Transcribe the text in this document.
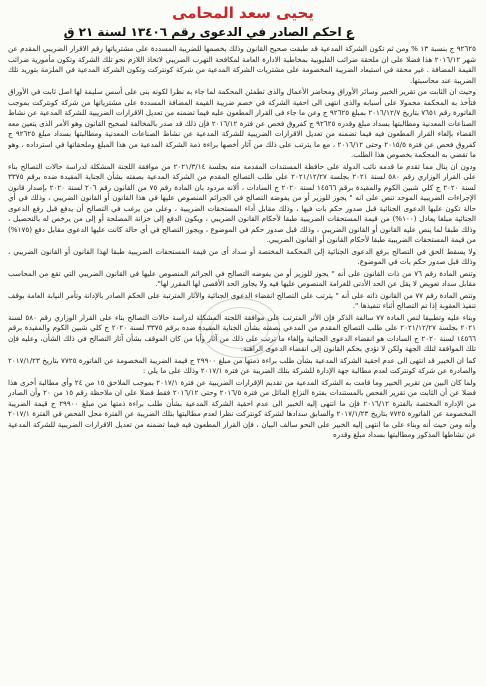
يحيى سعد المحامى
ع احكم الصادر في الدعوى رقم ١٣٤٠٦ لسنة ٢١ ق

٩٢٦٢٥ ج بنسبة ١٣ % ومن ثم تكون الشركة المدعية قد طبقت صحيح القانون وذلك بخصمها للضريبة المسددة على مشترياتها رقم الاقرار الضريبي المقدم عن شهر ٢٠١٦/١٢ هذا فضلا على ان ملحقة ضرائب القليوبية بمخاطبة الادارة العامة لمكافحة التهرب الضريبي لاتخاذ اللازم نحو تلك الشركة وتكون مأمورية ضرائب القيمة المضافة . غير محقة في استبعاد الضريبة المخصومة على مشتريات الشركة المدعية من شركة كونتركت وتكون الشركة المدعية في الملزمة بتوريد تلك الضريبة عند محاسبتها.

وحيث ان الثابت من تقرير الخبير وسائر الأوراق ومحاضر الأعمال والذى تطمئن المحكمة لما جاء به نظرا لكونه بنى على أسس سليمة لها اصل ثابت في الأوراق فتأخذ به المحكمة محمولا على أسبابه والذى انتهى الى احقية الشركة في خصم ضريبة القيمة المضافة المسددة على مشترياتها من شركة كونتركت بموجب الفاتورة رقم ٧٦٥١ بتاريخ ٢٠١٦/١٢/٧ بمبلغ ٩٢٦٢٥ ج وعن ما جاء فى القرار المطعون عليه فيما تضمنه من تعديل الاقرارات الضريبية للشركة المدعية عن نشاط الصناعات المعدنية ومطالبتها بسداد مبلغ وقدره ٩٢٦٢٥ ج كفروق فحص عن فترة ٢٠١٦/١٢ فإن ذلك قد صدر بالمخالفة لصحيح القانون وهو الأمر الذى يتعين معه القضاء بإلغاء القرار المطعون فيه فيما تضمنه من تعديل الاقرارات الضريبية للشركة المدعية عن نشاط الصناعات المعدنية ومطالبتها بسداد مبلغ ٩٢٦٢٥ ج كفروق فحص عن فترة ٢٠١٥/٥ وحتى ٢٠١٦/١٢ ، مع ما يترتب على ذلك من آثار أخصها براءة ذمة الشركة المدعية من هذا المبلغ وملحقاتها في استرداده ، وهو ما تقضي به المحكمة بخصوص هذا الطلب.

ودون ان ينال مما تقدم ما قدمه نائب الدولة على حافظة المستندات المقدمة منه بجلسة ٢٠٢١/٣/١٤ من موافقة اللجنة المشكلة لدراسة حالات التصالح بناء على القرار الوزاري رقم ٥٨٠ لسنة ٢٠٢١ بجلسة ٢٠٢١/١٢/٢٧ على طلب التصالح المقدم من الشركة المدعية بصفته بشأن الجناية المقيدة ضده برقم ٣٣٧٥ لسنة ٢٠٢٠ ج كلي شبين الكوم والمقيدة برقم ١٤٥٦٦ لسنة ٢٠٢٠ ج السادات ، ألانه مردود بان المادة رقم ٧٥ من القانون رقم ٢٠٦ لسنة ٢٠٢٠ بإصدار قانون الإجراءات الضريبية الموحد تنص على انه " يجوز للوزير أو من يفوضه التصالح في الجرائم المنصوص عليها في هذا القانون أو القانون الضريبي ، وذلك في أي حالة تكون عليها الدعوى الجنائية قبل صدور حكم بات فيها ، وذلك مقابل أداء المستحقات الضريبية ، وعلى من يرغب في التصالح أن يدفع قبل رفع الدعوى الجنائية مبلغا يعادل (١٠٠%) من قيمة المستحقات الضريبية طبقا لأحكام القانون الضريبي ، ويكون الدفع إلى خزانة المصلحة أو إلى من يرخص له بالتحصيل ، وذلك طبقا لما ينص عليه القانون أو القانون الضريبي ، وذلك قبل صدور حكم في الموضوع ، ويجوز التصالح في أي حالة كانت عليها الدعوى مقابل دفع (١٧٥%) من قيمة المستحقات الضريبية طبقا لأحكام القانون أو القانون الضريبي.

ولا يسقط الحق في التصالح برفع الدعوى الجنائية إلى المحكمة المختصة أو سداد أى من قيمة المستحقات الضريبية طبقا لهذا القانون أو القانون الضريبي ، وذلك قبل صدور حكم بات في الموضوع.

وتنص المادة رقم ٧٦ من ذات القانون على أنه " يجوز للوزير أو من يفوضه التصالح في الجرائم المنصوص عليها في القانون الضريبي التي تقع من المحاسب مقابل سداد تعويض لا يقل عن الحد الأدنى للغرامة المنصوص عليها فيه ولا يجاوز الحد الأقصى لها المقرر لها".

وتنص المادة رقم ٧٧ من القانون ذاته على أنه " يترتب على التصالح انقضاء الدعوى الجنائية والآثار المترتبة على الحكم الصادر بالإدانة وتأمر النيابة العامة بوقف تنفيذ العقوبة إذا تم التصالح أثناء تنفيذها ".

وبناء عليه وتطبيقا لنص المادة ٧٧ سالفة الذكر فإن الأثر المترتب على موافقة اللجنة المشكلة لدراسة حالات التصالح بناء على القرار الوزاري رقم ٥٨٠ لسنة ٢٠٢١ بجلسة ٢٠٢١/١٢/٢٧ على طلب التصالح المقدم من المدعي بصفته بشأن الجناية المقيدة ضده برقم ٣٣٧٥ لسنة ٢٠٢٠ ج كلي شبين الكوم والمقيدة برقم ١٤٥٦٦ لسنة ٢٠٢٠ ج السادات هو انقضاء الدعوى الجنائية وإلغاء ما ترتب على ذلك من آثار وأيا من كان الموقف بشأن آثار التصالح في ذلك الشأن، وعليه فإن تلك الموافقة لتلك الجهة ولكن لا تؤدي بحكم القانون إلى انقضاء الدعوى الراهنة.

كما ان الخبير قد انتهى الى عدم احقية الشركة المدعية بشأن طلب براءة ذمتها من مبلغ ٢٩٩٠٠ ج قيمة الضريبة المخصومة عن الفاتورة ٧٧٢٥ بتاريخ ٢٠١٧/١/٢٣ والصادرة عن شركة كونتركت لعدم مطالبة جهة الإدارة للشركة بتلك الضريبة عن فترة ٢٠١٧/١ وذلك على ما يلي :

ولما كان البين من تقرير الخبير وما قامت به الشركة المدعية من تقديم الإقرارات الضريبية عن فترة ٢٠١٧/١ بموجب الملاحق ١٥ من ٢٤ وأي مطالبة أخرى هذا فضلا عن أن الثابت من تقرير الفحص بالمستندات بفترة النزاع الماثل من فترة ٢٠١٦/٥ وحتى ٢٠١٦/١٢ فقط فضلا على ان ملاحظة رقم ١٥ من ٢٠ وأن الصادر من الإدارة المختصة بالفترة ٢٠١٦/١٢ فإن ما انتهى إليه الخبير الى عدم احقية الشركة المدعية بشأن طلب براءة ذمتها من مبلغ ٢٩٩٠٠ ج قيمة الضريبة المخصومة عن الفاتورة ٧٧٢٥ بتاريخ ٢٠١٧/١/٢٣ والسابق سدادها لشركة كونتركت نظرا لعدم مطالبتها بتلك الضريبة عن الفترة محل الفحص في الفترة ٢٠١٧/١ وأنه ومن حيث أنه وبناء على ما انتهى إليه الخبير على النحو سالف البيان ، فإن القرار المطعون فيه فيما تضمنه من تعديل الاقرارات الضريبية للشركة المدعية عن نشاطها المذكور ومطالبتها بسداد مبلغ وقدره
